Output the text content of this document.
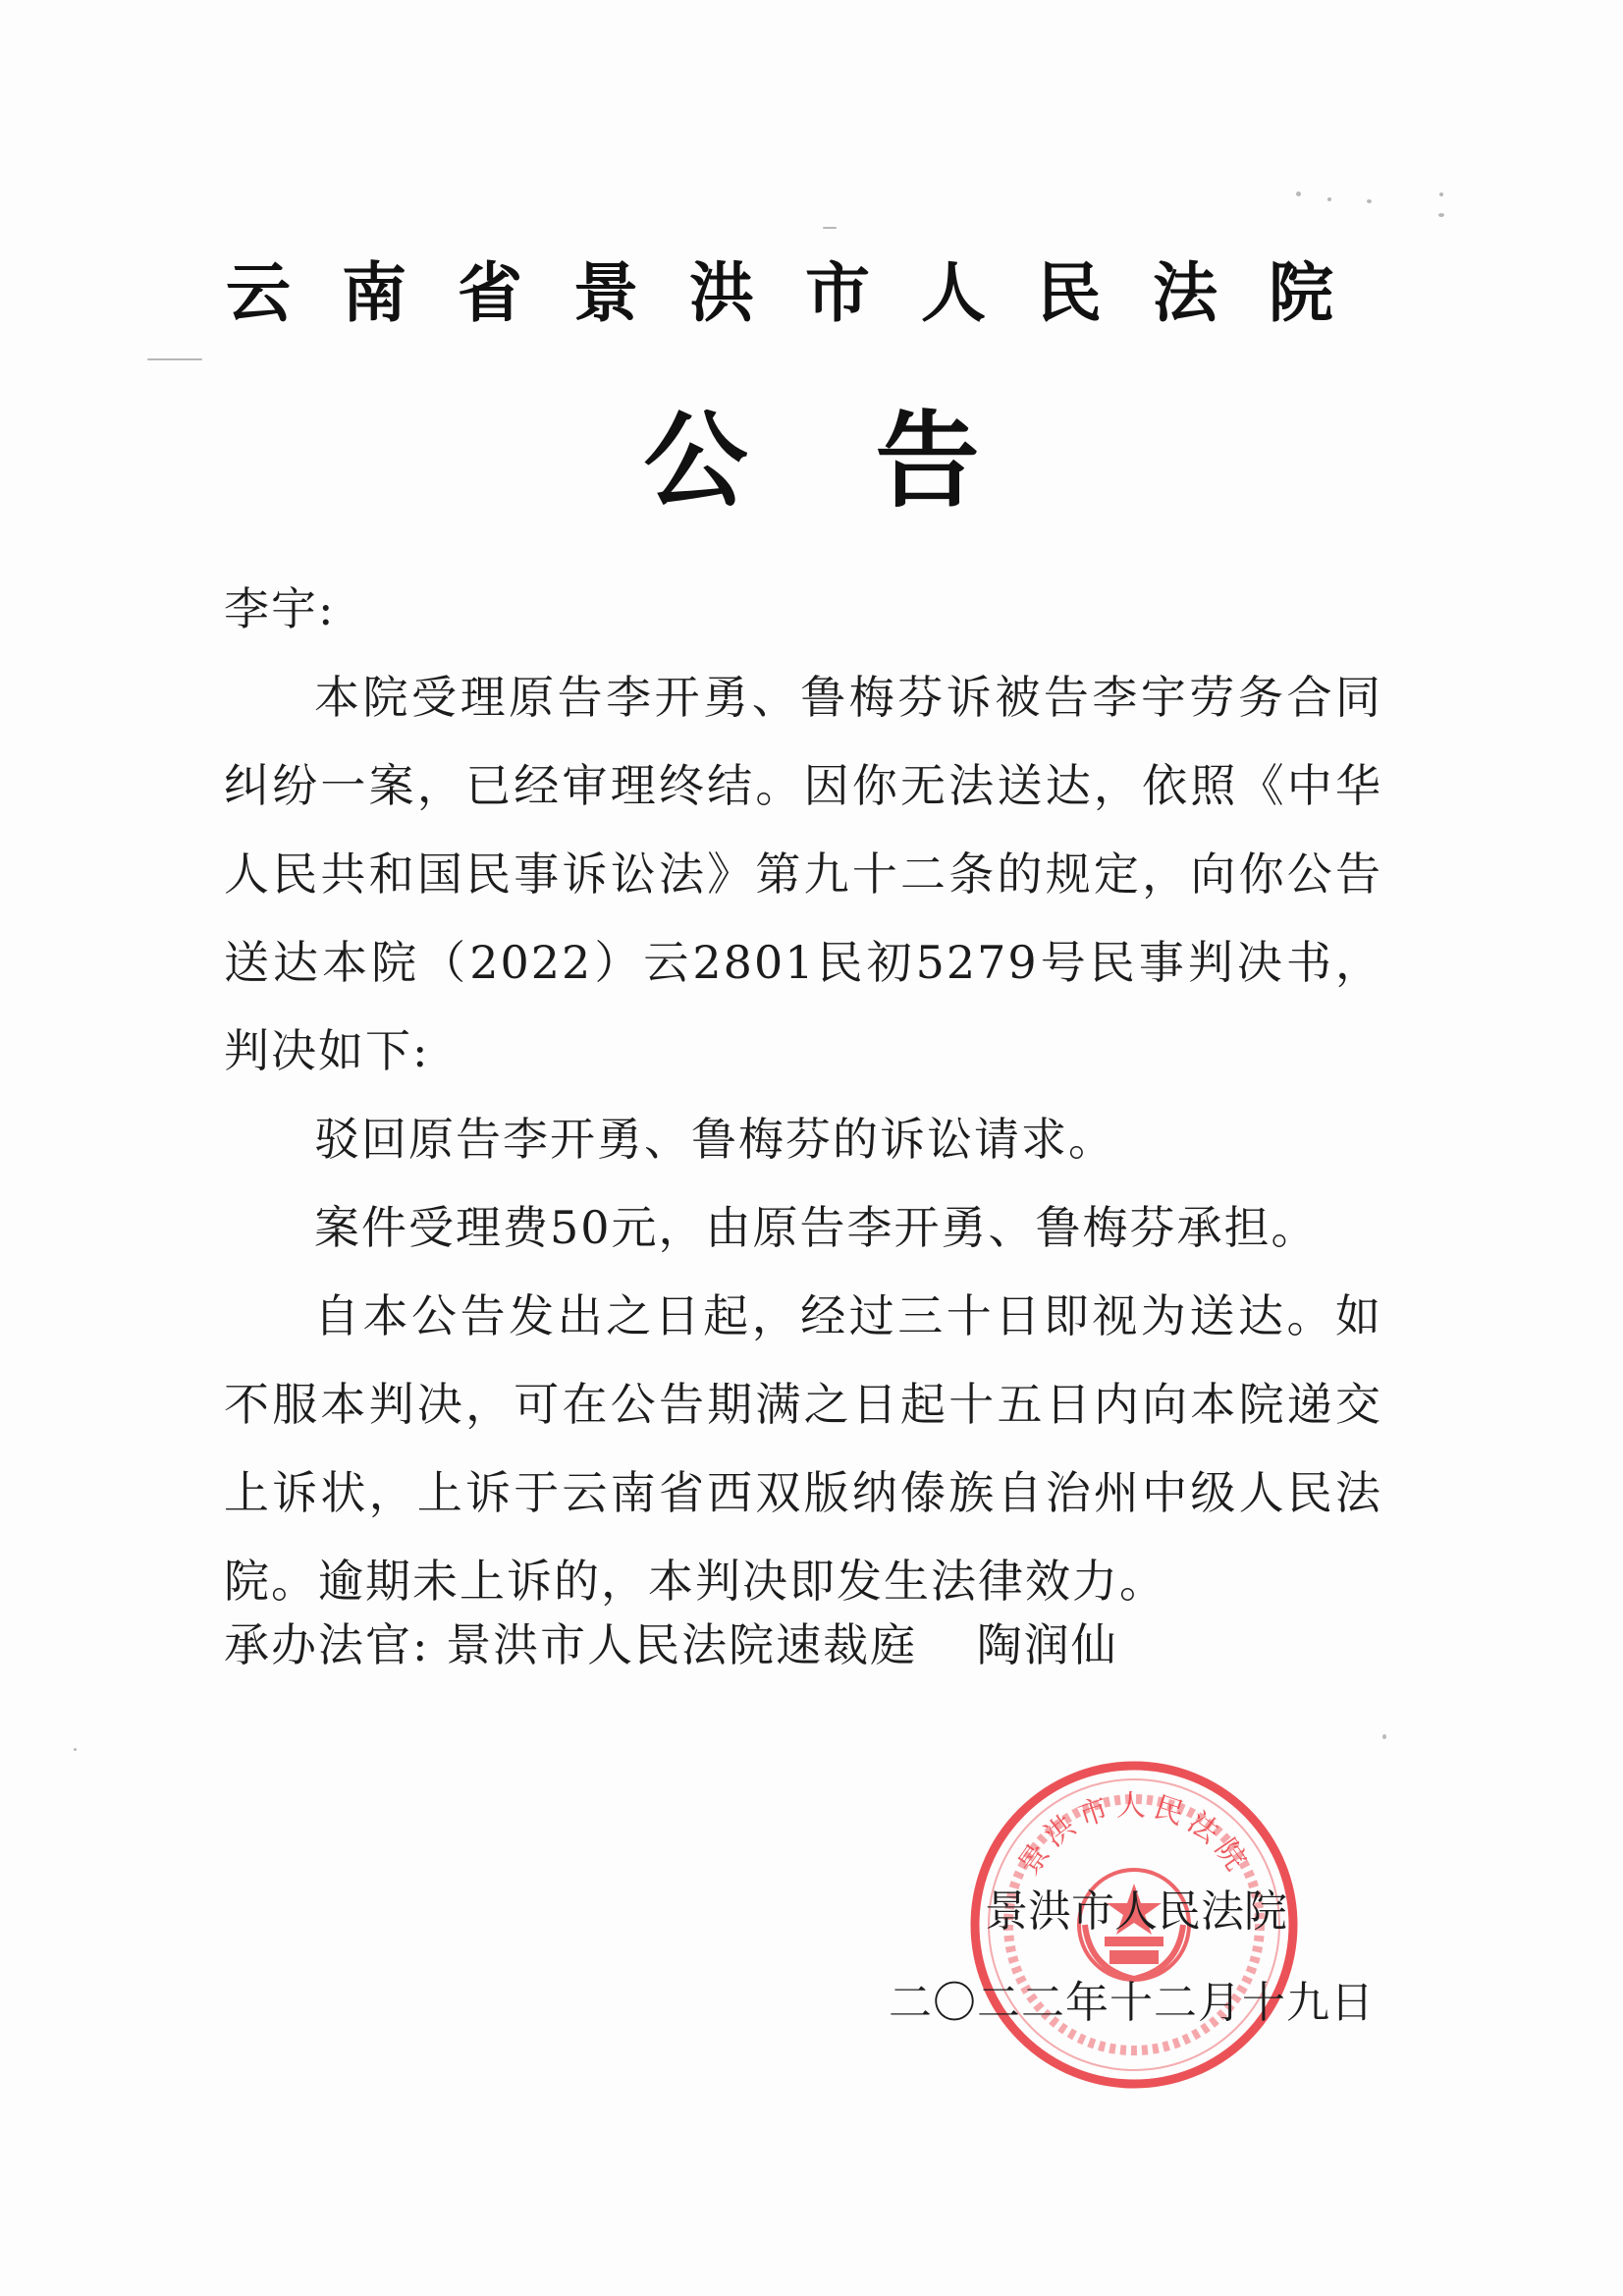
云南省景洪市人民法院
公告

李宇:

本院受理原告李开勇、鲁梅芬诉被告李宇劳务合同纠纷一案，已经审理终结。因你无法送达，依照《中华人民共和国民事诉讼法》第九十二条的规定，向你公告送达本院（2022）云2801民初5279号民事判决书，判决如下:

驳回原告李开勇、鲁梅芬的诉讼请求。

案件受理费50元，由原告李开勇、鲁梅芬承担。

自本公告发出之日起，经过三十日即视为送达。如不服本判决，可在公告期满之日起十五日内向本院递交上诉状，上诉于云南省西双版纳傣族自治州中级人民法院。逾期未上诉的，本判决即发生法律效力。

承办法官: 景洪市人民法院速裁庭 陶润仙
景洪市人民法院
景洪市人民法院
二〇二二年十二月十九日
